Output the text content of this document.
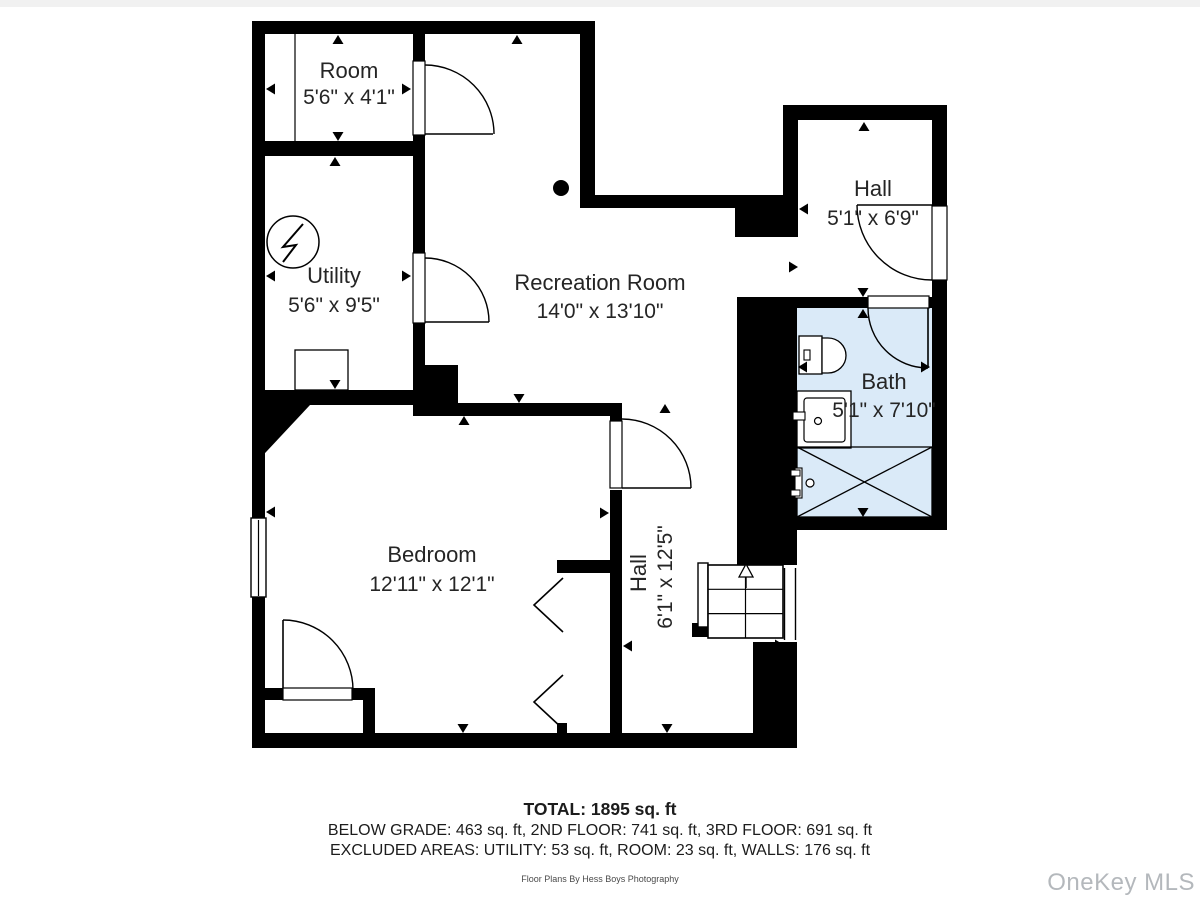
Room
5'6" x 4'1"
Utility
5'6" x 9'5"
Recreation Room
14'0" x 13'10"
Hall
5'1" x 6'9"
Bath
5'1" x 7'10"
Bedroom
12'11" x 12'1"	Hall 6'1" x 12'5"
TOTAL: 1895 sq. ft
BELOW GRADE: 463 sq. ft, 2ND FLOOR: 741 sq. ft, 3RD FLOOR: 691 sq. ft
EXCLUDED AREAS: UTILITY: 53 sq. ft, ROOM: 23 sq. ft, WALLS: 176 sq. ft
Floor Plans By Hess Boys Photography	OneKey MLS
